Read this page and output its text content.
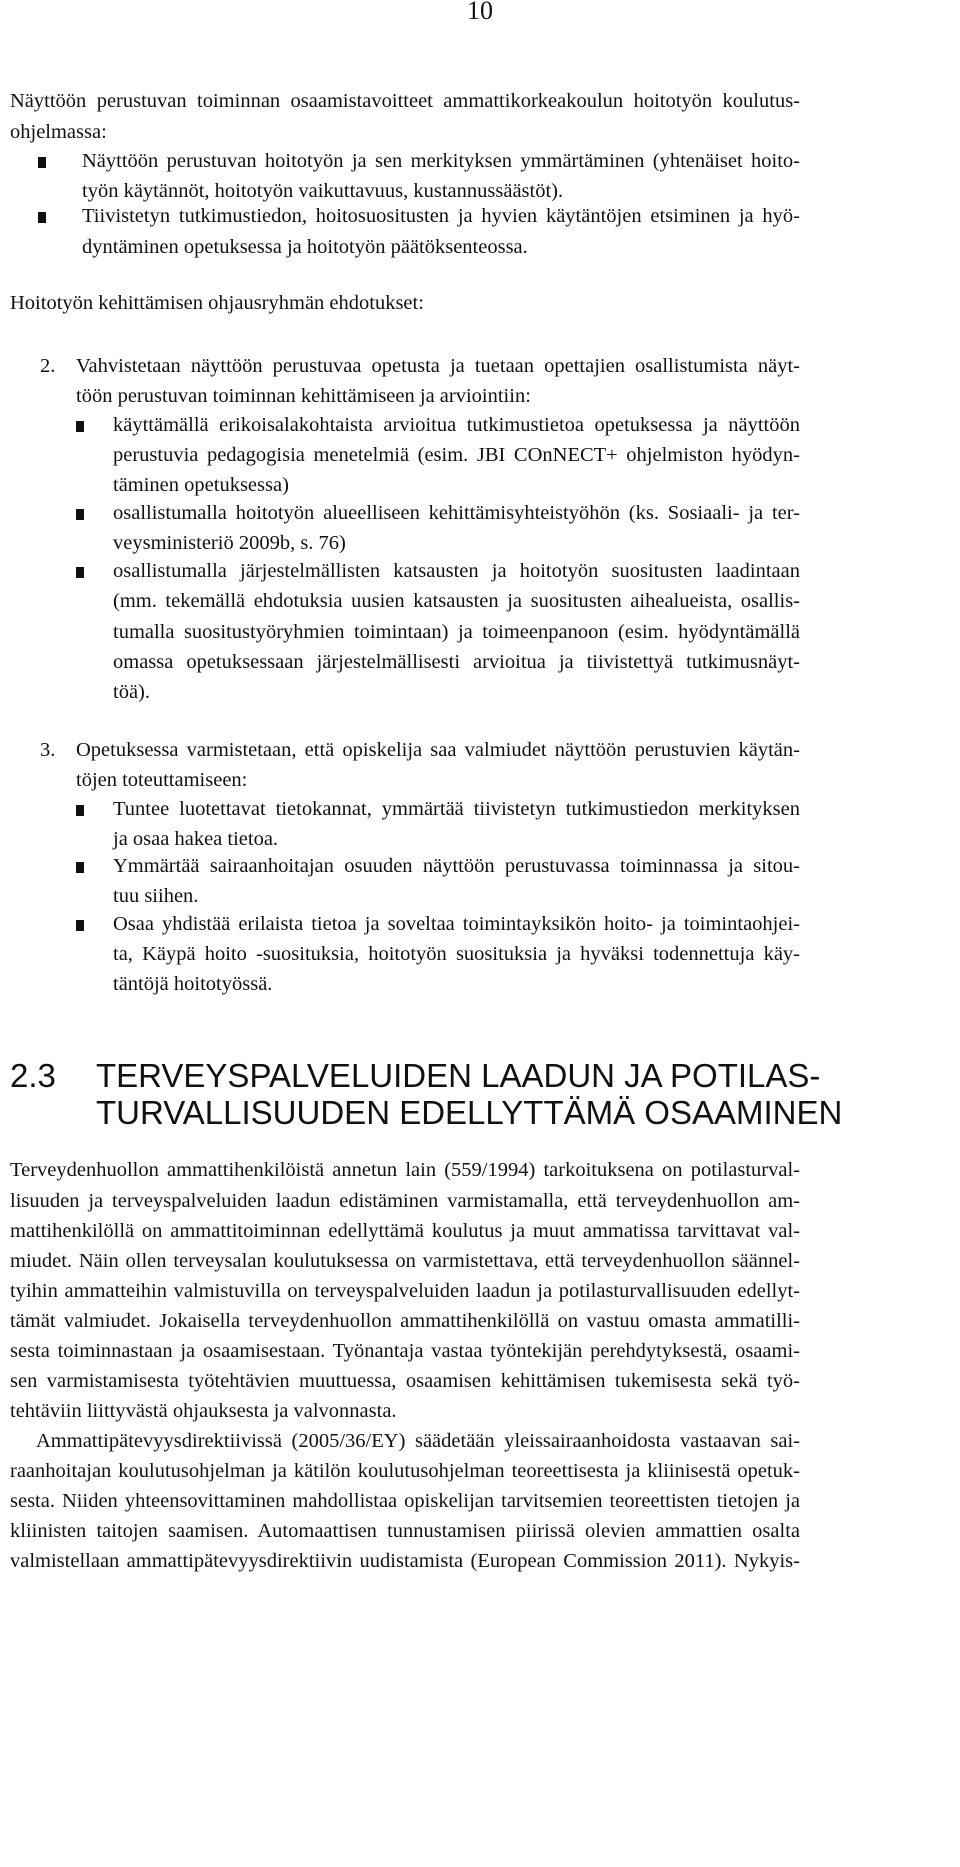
10
Näyttöön perustuvan toiminnan osaamistavoitteet ammattikorkeakoulun hoitotyön koulutus-
ohjelmassa:
Näyttöön perustuvan hoitotyön ja sen merkityksen ymmärtäminen (yhtenäiset hoito-
työn käytännöt, hoitotyön vaikuttavuus, kustannussäästöt).
Tiivistetyn tutkimustiedon, hoitosuositusten ja hyvien käytäntöjen etsiminen ja hyö-
dyntäminen opetuksessa ja hoitotyön päätöksenteossa.
Hoitotyön kehittämisen ohjausryhmän ehdotukset:
2. Vahvistetaan näyttöön perustuvaa opetusta ja tuetaan opettajien osallistumista näyt-
töön perustuvan toiminnan kehittämiseen ja arviointiin:
käyttämällä erikoisalakohtaista arvioitua tutkimustietoa opetuksessa ja näyttöön
perustuvia pedagogisia menetelmiä (esim. JBI COnNECT+ ohjelmiston hyödyn-
täminen opetuksessa)
osallistumalla hoitotyön alueelliseen kehittämisyhteistyöhön (ks. Sosiaali- ja ter-
veysministeriö 2009b, s. 76)
osallistumalla järjestelmällisten katsausten ja hoitotyön suositusten laadintaan
(mm. tekemällä ehdotuksia uusien katsausten ja suositusten aihealueista, osallis-
tumalla suositustyöryhmien toimintaan) ja toimeenpanoon (esim. hyödyntämällä
omassa opetuksessaan järjestelmällisesti arvioitua ja tiivistettyä tutkimusnäyt-
töä).
3. Opetuksessa varmistetaan, että opiskelija saa valmiudet näyttöön perustuvien käytän-
töjen toteuttamiseen:
Tuntee luotettavat tietokannat, ymmärtää tiivistetyn tutkimustiedon merkityksen
ja osaa hakea tietoa.
Ymmärtää sairaanhoitajan osuuden näyttöön perustuvassa toiminnassa ja sitou-
tuu siihen.
Osaa yhdistää erilaista tietoa ja soveltaa toimintayksikön hoito- ja toimintaohjei-
ta, Käypä hoito -suosituksia, hoitotyön suosituksia ja hyväksi todennettuja käy-
täntöjä hoitotyössä.
2.3 TERVEYSPALVELUIDEN LAADUN JA POTILAS-
TURVALLISUUDEN EDELLYTTÄMÄ OSAAMINEN
Terveydenhuollon ammattihenkilöistä annetun lain (559/1994) tarkoituksena on potilasturval-
lisuuden ja terveyspalveluiden laadun edistäminen varmistamalla, että terveydenhuollon am-
mattihenkilöllä on ammattitoiminnan edellyttämä koulutus ja muut ammatissa tarvittavat val-
miudet. Näin ollen terveysalan koulutuksessa on varmistettava, että terveydenhuollon säännel-
tyihin ammatteihin valmistuvilla on terveyspalveluiden laadun ja potilasturvallisuuden edellyt-
tämät valmiudet. Jokaisella terveydenhuollon ammattihenkilöllä on vastuu omasta ammatilli-
sesta toiminnastaan ja osaamisestaan. Työnantaja vastaa työntekijän perehdytyksestä, osaami-
sen varmistamisesta työtehtävien muuttuessa, osaamisen kehittämisen tukemisesta sekä työ-
tehtäviin liittyvästä ohjauksesta ja valvonnasta.
Ammattipätevyysdirektiivissä (2005/36/EY) säädetään yleissairaanhoidosta vastaavan sai-
raanhoitajan koulutusohjelman ja kätilön koulutusohjelman teoreettisesta ja kliinisestä opetuk-
sesta. Niiden yhteensovittaminen mahdollistaa opiskelijan tarvitsemien teoreettisten tietojen ja
kliinisten taitojen saamisen. Automaattisen tunnustamisen piirissä olevien ammattien osalta
valmistellaan ammattipätevyysdirektiivin uudistamista (European Commission 2011). Nykyis-
